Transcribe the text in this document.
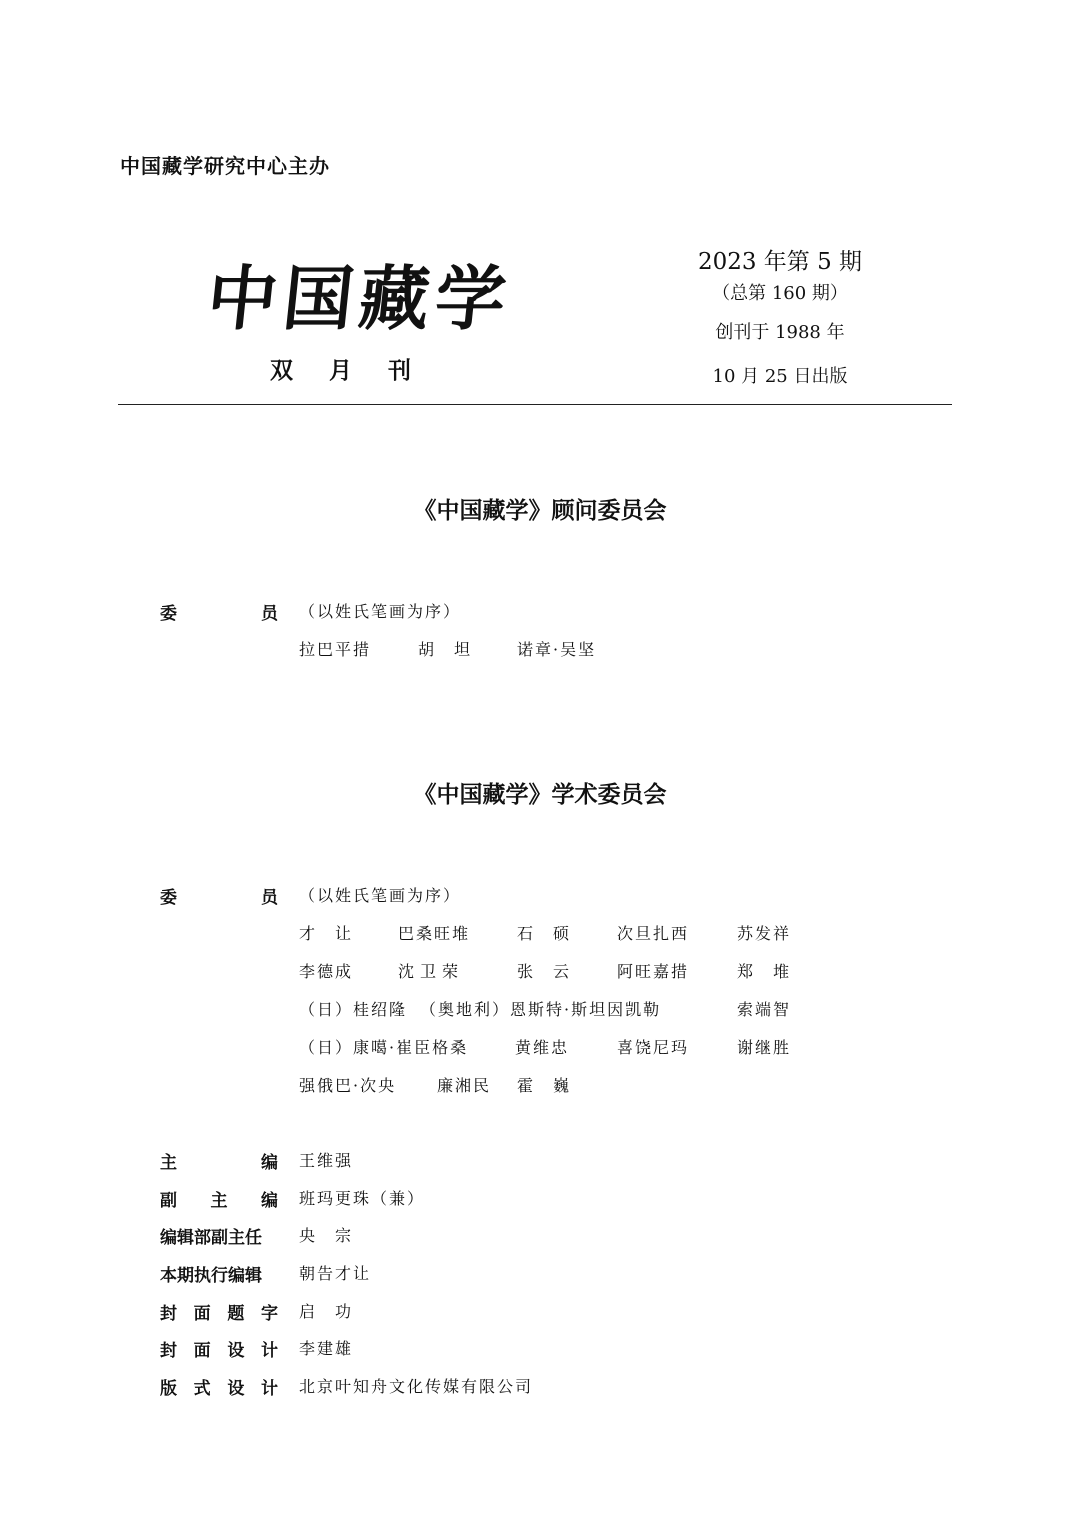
中国藏学研究中心主办
中国藏学
双 月 刊
2023 年第 5 期
（总第 160 期）
创刊于 1988 年
10 月 25 日出版
《中国藏学》顾问委员会
委	员 （以姓氏笔画为序）
拉巴平措	胡　坦	诺章·吴坚
《中国藏学》学术委员会
委	员 （以姓氏笔画为序）
才　让	巴桑旺堆	石　硕	次旦扎西	苏发祥
李德成	沈卫荣	张　云	阿旺嘉措	郑　堆
（日）桂绍隆 （奥地利）恩斯特·斯坦因凯勒	索端智
（日）康噶·崔臣格桑	黄维忠	喜饶尼玛	谢继胜
强俄巴·次央	廉湘民 霍　巍
主	编 王维强
副 主 编 班玛更珠（兼）
编辑部副主任 央　宗
本期执行编辑 朝告才让
封 面 题 字 启　功
封 面 设 计 李建雄
版 式 设 计 北京叶知舟文化传媒有限公司
